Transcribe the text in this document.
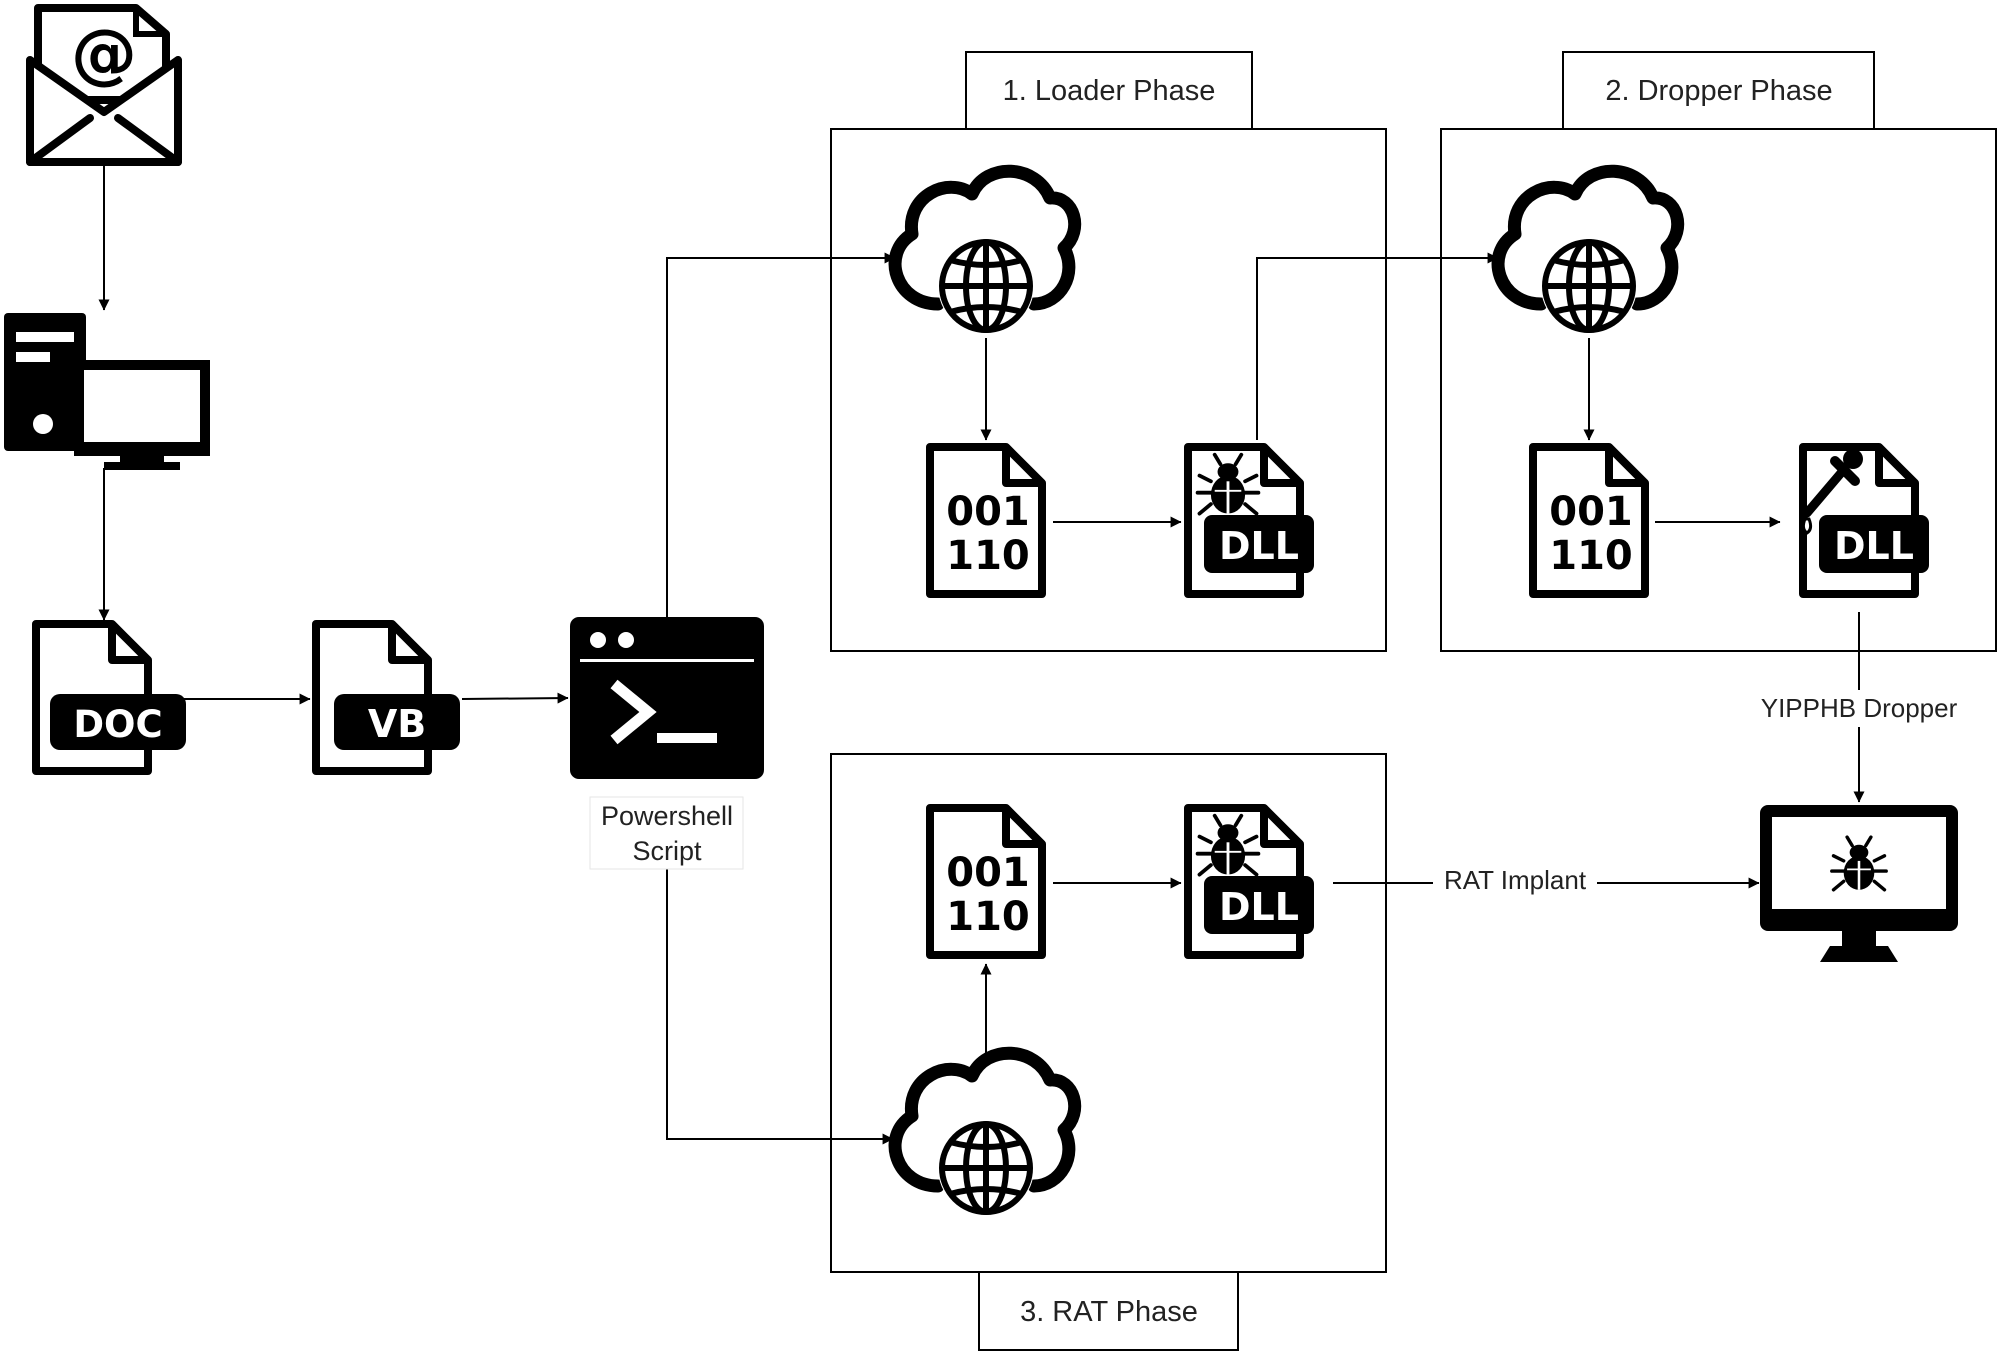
1. Loader Phase	2. Dropper Phase
3. RAT Phase
Powershell
Script
YIPPHB Dropper
RAT Implant
@
DOC	VB
001
110
001
110
001
110
DLL	DLL
DLL
